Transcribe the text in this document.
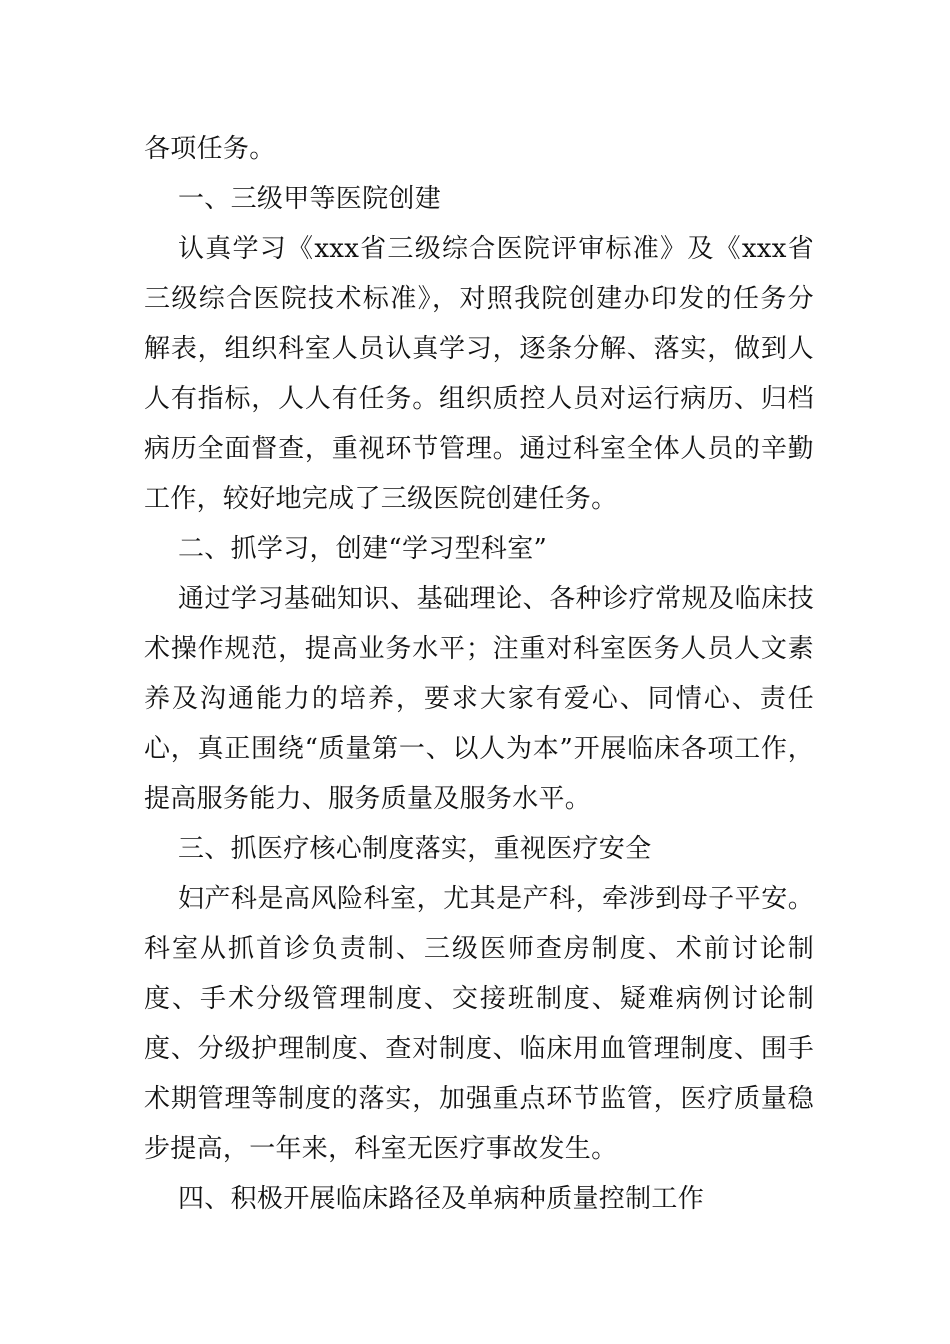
各项任务。

一、三级甲等医院创建

认真学习《xxx省三级综合医院评审标准》及《xxx省三级综合医院技术标准》，对照我院创建办印发的任务分解表，组织科室人员认真学习，逐条分解、落实，做到人人有指标，人人有任务。组织质控人员对运行病历、归档病历全面督查，重视环节管理。通过科室全体人员的辛勤工作，较好地完成了三级医院创建任务。

二、抓学习，创建“学习型科室”

通过学习基础知识、基础理论、各种诊疗常规及临床技术操作规范，提高业务水平；注重对科室医务人员人文素养及沟通能力的培养，要求大家有爱心、同情心、责任心，真正围绕“质量第一、以人为本”开展临床各项工作，提高服务能力、服务质量及服务水平。

三、抓医疗核心制度落实，重视医疗安全

妇产科是高风险科室，尤其是产科，牵涉到母子平安。科室从抓首诊负责制、三级医师查房制度、术前讨论制度、手术分级管理制度、交接班制度、疑难病例讨论制度、分级护理制度、查对制度、临床用血管理制度、围手术期管理等制度的落实，加强重点环节监管，医疗质量稳步提高，一年来，科室无医疗事故发生。

四、积极开展临床路径及单病种质量控制工作
